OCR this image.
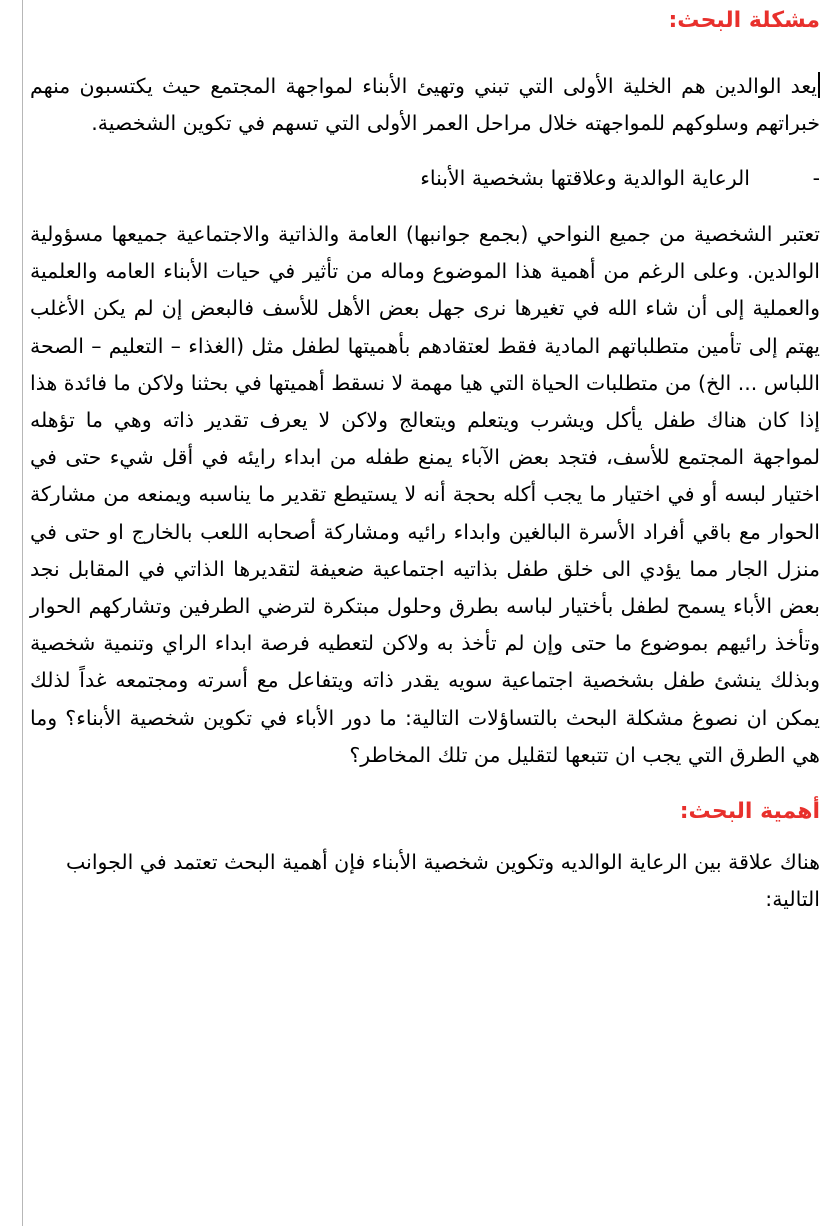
مشكلة البحث:

يعد الوالدين هم الخلية الأولى التي تبني وتهيئ الأبناء لمواجهة المجتمع حيث يكتسبون منهم خبراتهم وسلوكهم للمواجهته خلال مراحل العمر الأولى التي تسهم في تكوين الشخصية.

-
الرعاية الوالدية وعلاقتها بشخصية الأبناء

تعتبر الشخصية من جميع النواحي (بجمع جوانبها) العامة والذاتية والاجتماعية جميعها مسؤولية الوالدين. وعلى الرغم من أهمية هذا الموضوع وماله من تأثير في حيات الأبناء العامه والعلمية والعملية إلى أن شاء الله في تغيرها نرى جهل بعض الأهل للأسف فالبعض إن لم يكن الأغلب يهتم إلى تأمين متطلباتهم المادية فقط لعتقادهم بأهميتها لطفل مثل (الغذاء – التعليم – الصحة اللباس ... الخ) من متطلبات الحياة التي هيا مهمة لا نسقط أهميتها في بحثنا ولاكن ما فائدة هذا إذا كان هناك طفل يأكل ويشرب ويتعلم ويتعالج ولاكن لا يعرف تقدير ذاته وهي ما تؤهله لمواجهة المجتمع للأسف، فتجد بعض الآباء يمنع طفله من ابداء رايئه في أقل شيء حتى في اختيار لبسه أو في اختيار ما يجب أكله بحجة أنه لا يستيطع تقدير ما يناسبه ويمنعه من مشاركة الحوار مع باقي أفراد الأسرة البالغين وابداء رائيه ومشاركة أصحابه اللعب بالخارج او حتى في منزل الجار مما يؤدي الى خلق طفل بذاتيه اجتماعية ضعيفة لتقديرها الذاتي في المقابل نجد بعض الأباء يسمح لطفل بأختيار لباسه بطرق وحلول مبتكرة لترضي الطرفين وتشاركهم الحوار وتأخذ رائيهم بموضوع ما حتى وإن لم تأخذ به ولاكن لتعطيه فرصة ابداء الراي وتنمية شخصية وبذلك ينشئ طفل بشخصية اجتماعية سويه يقدر ذاته ويتفاعل مع أسرته ومجتمعه غداً لذلك يمكن ان نصوغ مشكلة البحث بالتساؤلات التالية: ما دور الأباء في تكوين شخصية الأبناء؟ وما هي الطرق التي يجب ان تتبعها لتقليل من تلك المخاطر؟

أهمية البحث:

هناك علاقة بين الرعاية الوالديه وتكوين شخصية الأبناء فإن أهمية البحث تعتمد في الجوانب التالية:
